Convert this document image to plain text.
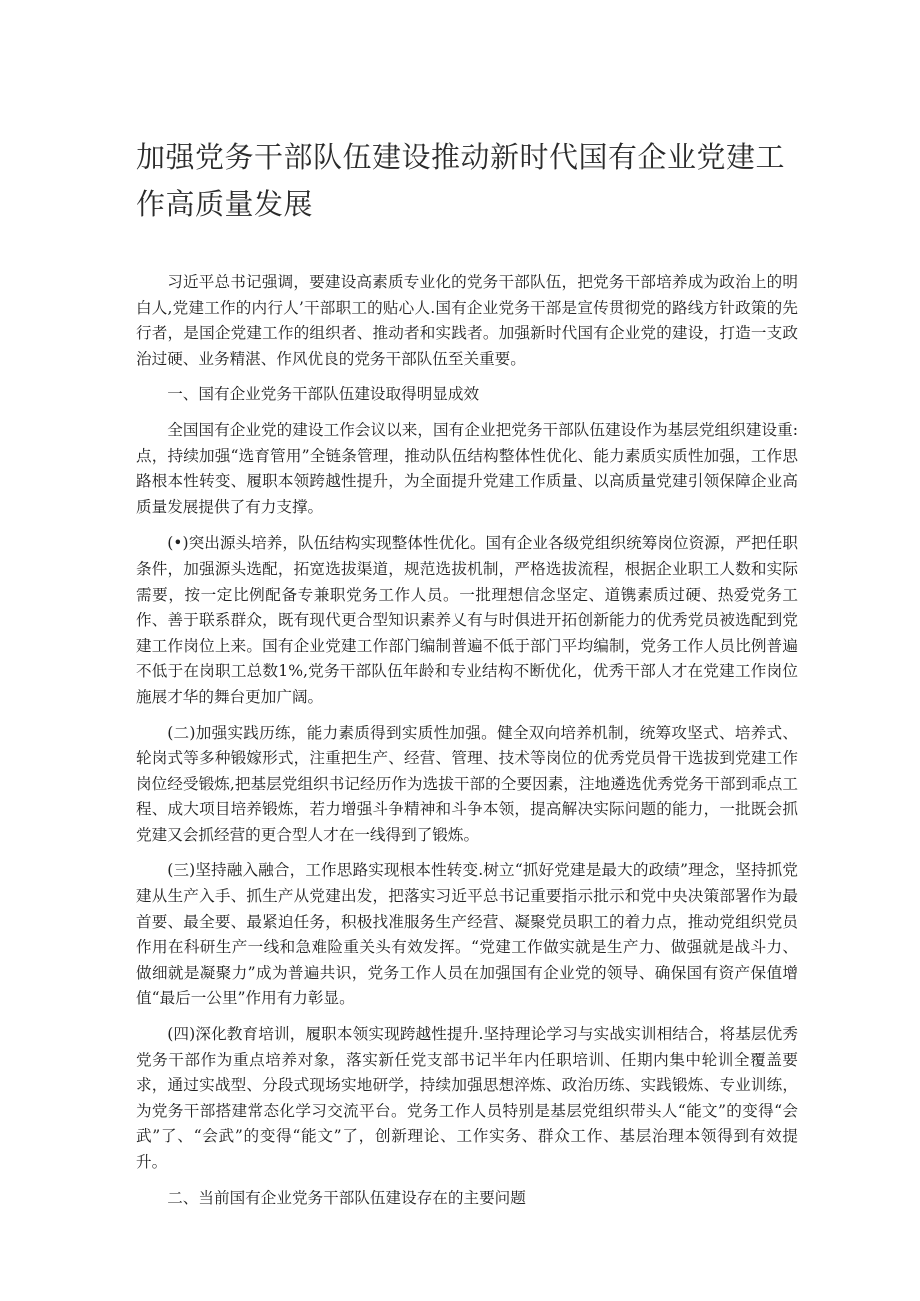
加强党务干部队伍建设推动新时代国有企业党建工作高质量发展

习近平总书记强调，要建设高素质专业化的党务干部队伍，把党务干部培养成为政治上的明白人,党建工作的内行人’干部职工的贴心人.国有企业党务干部是宣传贯彻党的路线方针政策的先行者，是国企党建工作的组织者、推动者和实践者。加强新时代国有企业党的建设，打造一支政治过硬、业务精湛、作风优良的党务干部队伍至关重要。

一、国有企业党务干部队伍建设取得明显成效

全国国有企业党的建设工作会议以来，国有企业把党务干部队伍建设作为基层党组织建设重:点，持续加强“选育管用”全链条管理，推动队伍结构整体性优化、能力素质实质性加强，工作思路根本性转变、履职本领跨越性提升，为全面提升党建工作质量、以高质量党建引领保障企业高质量发展提供了有力支撑。

(•)突出源头培养，队伍结构实现整体性优化。国有企业各级党组织统筹岗位资源，严把任职条件，加强源头选配，拓宽选拔渠道，规范选拔机制，严格选拔流程，根据企业职工人数和实际需要，按一定比例配备专兼职党务工作人员。一批理想信念坚定、道镌素质过硬、热爱党务工作、善于联系群众，既有现代更合型知识素养乂有与时俱进开拓创新能力的优秀党员被选配到党建工作岗位上来。国有企业党建工作部门编制普遍不低于部门平均编制，党务工作人员比例普遍不低于在岗职工总数1%,党务干部队伍年龄和专业结构不断优化，优秀干部人才在党建工作岗位施展才华的舞台更加广阔。

(二)加强实践历练，能力素质得到实质性加强。健全双向培养机制，统筹攻坚式、培养式、轮岗式等多种锻嫁形式，注重把生产、经营、管理、技术等岗位的优秀党员骨干选拔到党建工作岗位经受锻炼,把基层党组织书记经历作为选拔干部的仝要因素，注地遴选优秀党务干部到乖点工程、成大项目培养锻炼，若力增强斗争精神和斗争本领，提高解决实际问题的能力，一批既会抓党建又会抓经营的更合型人才在一线得到了锻炼。

(三)坚持融入融合，工作思路实现根本性转变.树立“抓好党建是最大的政绩”理念，坚持抓党建从生产入手、抓生产从党建出发，把落实习近平总书记重要指示批示和党中央决策部署作为最首要、最全要、最紧迫任务，积极找准服务生产经营、凝聚党员职工的着力点，推动党组织党员作用在科研生产一线和急难险重关头有效发挥。“党建工作做实就是生产力、做强就是战斗力、做细就是凝聚力”成为普遍共识，党务工作人员在加强国有企业党的领导、确保国有资产保值增值“最后一公里”作用有力彰显。

(四)深化教育培训，履职本领实现跨越性提升.坚持理论学习与实战实训相结合，将基层优秀党务干部作为重点培养对象，落实新任党支部书记半年内任职培训、任期内集中轮训全覆盖要求，通过实战型、分段式现场实地研学，持续加强思想淬炼、政治历练、实践锻炼、专业训练，为党务干部搭建常态化学习交流平台。党务工作人员特别是基层党组织带头人“能文”的变得“会武”了、“会武”的变得“能文”了，创新理论、工作实务、群众工作、基层治理本领得到有效提升。

二、当前国有企业党务干部队伍建设存在的主要问题
